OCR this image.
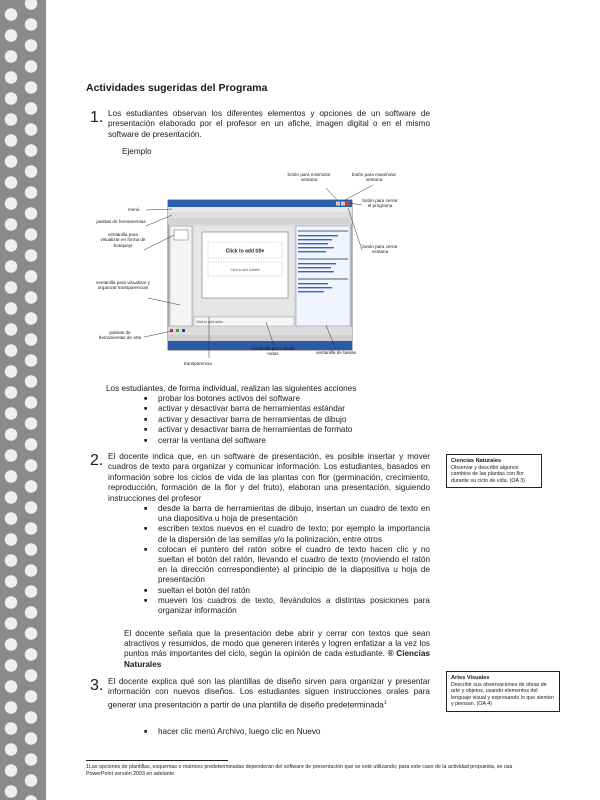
Actividades sugeridas del Programa
1. Los estudiantes observan los diferentes elementos y opciones de un software de presentación elaborado por el profesor en un afiche, imagen digital o en el mismo software de presentación.
Ejemplo
Click to add title
Click to add subtitle
Click to add notes
menú
paletas de herramientas
ventanilla para visualizar en forma de bosquejo
ventanilla para visualizar y organizar transparencias
paletas de herramientas de arte
transparencia
ventanilla para añadir notas	ventanilla de tareas
botón para minimizar ventana
botón para maximizar ventana
botón para cerrar el programa
botón para cerrar ventana
Los estudiantes, de forma individual, realizan las siguientes acciones
■ probar los botones activos del software
■ activar y desactivar barra de herramientas estándar
■ activar y desactivar barra de herramientas de dibujo
■ activar y desactivar barra de herramientas de formato
■ cerrar la ventana del software
2. El docente indica que, en un software de presentación, es posible insertar y mover cuadros de texto para organizar y comunicar información. Los estudiantes, basados en información sobre los ciclos de vida de las plantas con flor (germinación, crecimiento, reproducción, formación de la flor y del fruto), elaboran una presentación, siguiendo instrucciones del profesor
■ desde la barra de herramientas de dibujo, insertan un cuadro de texto en una diapositiva u hoja de presentación
■ escriben textos nuevos en el cuadro de texto; por ejemplo la importancia de la dispersión de las semillas y/o la polinización, entre otros
■ colocan el puntero del ratón sobre el cuadro de texto hacen clic y no sueltan el botón del ratón, llevando el cuadro de texto (moviendo el ratón en la dirección correspondiente) al principio de la diapositiva u hoja de presentación
■ sueltan el botón del ratón
■ mueven los cuadros de texto, llevándolos a distintas posiciones para organizar información
El docente señala que la presentación debe abrir y cerrar con textos que sean atractivos y resumidos, de modo que generen interés y logren enfatizar a la vez los puntos más importantes del ciclo, según la opinión de cada estudiante. ® Ciencias Naturales
Ciencias Naturales
Observar y describir algunos cambios de las plantas con flor durante su ciclo de vida. (OA 3)
3. El docente explica qué son las plantillas de diseño sirven para organizar y presentar información con nuevos diseños. Los estudiantes siguen instrucciones orales para generar una presentación a partir de una plantilla de diseño predeterminada$^1$
■ hacer clic menú Archivo, luego clic en Nuevo
Artes Visuales
Describir sus observaciones de obras de arte y objetos, usando elementos del lenguaje visual y expresando lo que sienten y piensan. (OA 4)
1Las opciones de plantillas, esquemas o matrices predeterminadas dependerán del software de presentación que se esté utilizando; para este caso de la actividad propuesta, se usa PowerPoint versión 2003 en adelante.
